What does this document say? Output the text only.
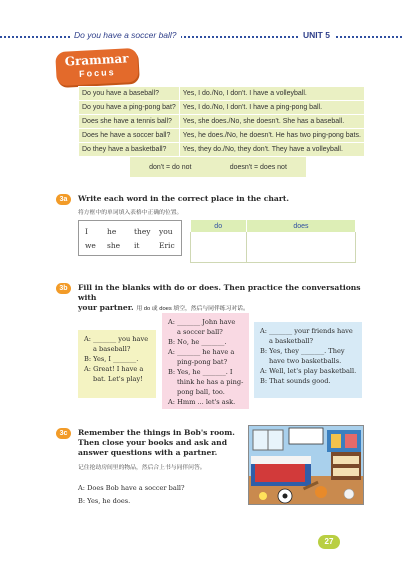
Do you have a soccer ball?	UNIT 5
Grammar
Focus
Do you have a baseball?	Yes, I do./No, I don't. I have a volleyball.
Do you have a ping-pong bat?	Yes, I do./No, I don't. I have a ping-pong ball.
Does she have a tennis ball?	Yes, she does./No, she doesn't. She has a baseball.
Does he have a soccer ball?	Yes, he does./No, he doesn't. He has two ping-pong bats.
Do they have a basketball?	Yes, they do./No, they don't. They have a volleyball.
don't = do not	doesn't = does not
3a	Write each word in the correct place in the chart.
将方框中的单词填入表格中正确的位置。
I	he they you
we she it	Eric
do	does

3b	Fill in the blanks with do or does. Then practice the conversations with
your partner. 用 do 或 does 填空，然后与同伴练习对话。

A: _______ you have

a baseball?

B: Yes, I _______.

A: Great! I have a

bat. Let's play!

A: _______ John have

a soccer ball?

B: No, he _______.

A: _______ he have a

ping-pong bat?

B: Yes, he _______. I

think he has a ping-

pong ball, too.

A: Hmm ... let's ask.

A: _______ your friends have

a basketball?

B: Yes, they _______. They

have two basketballs.

A: Well, let's play basketball.

B: That sounds good.

3c	Remember the things in Bob's room.
Then close your books and ask and
answer questions with a partner.
记住抢劫房间里的物品，然后合上书与同伴问答。
A: Does Bob have a soccer ball?
B: Yes, he does.
27
